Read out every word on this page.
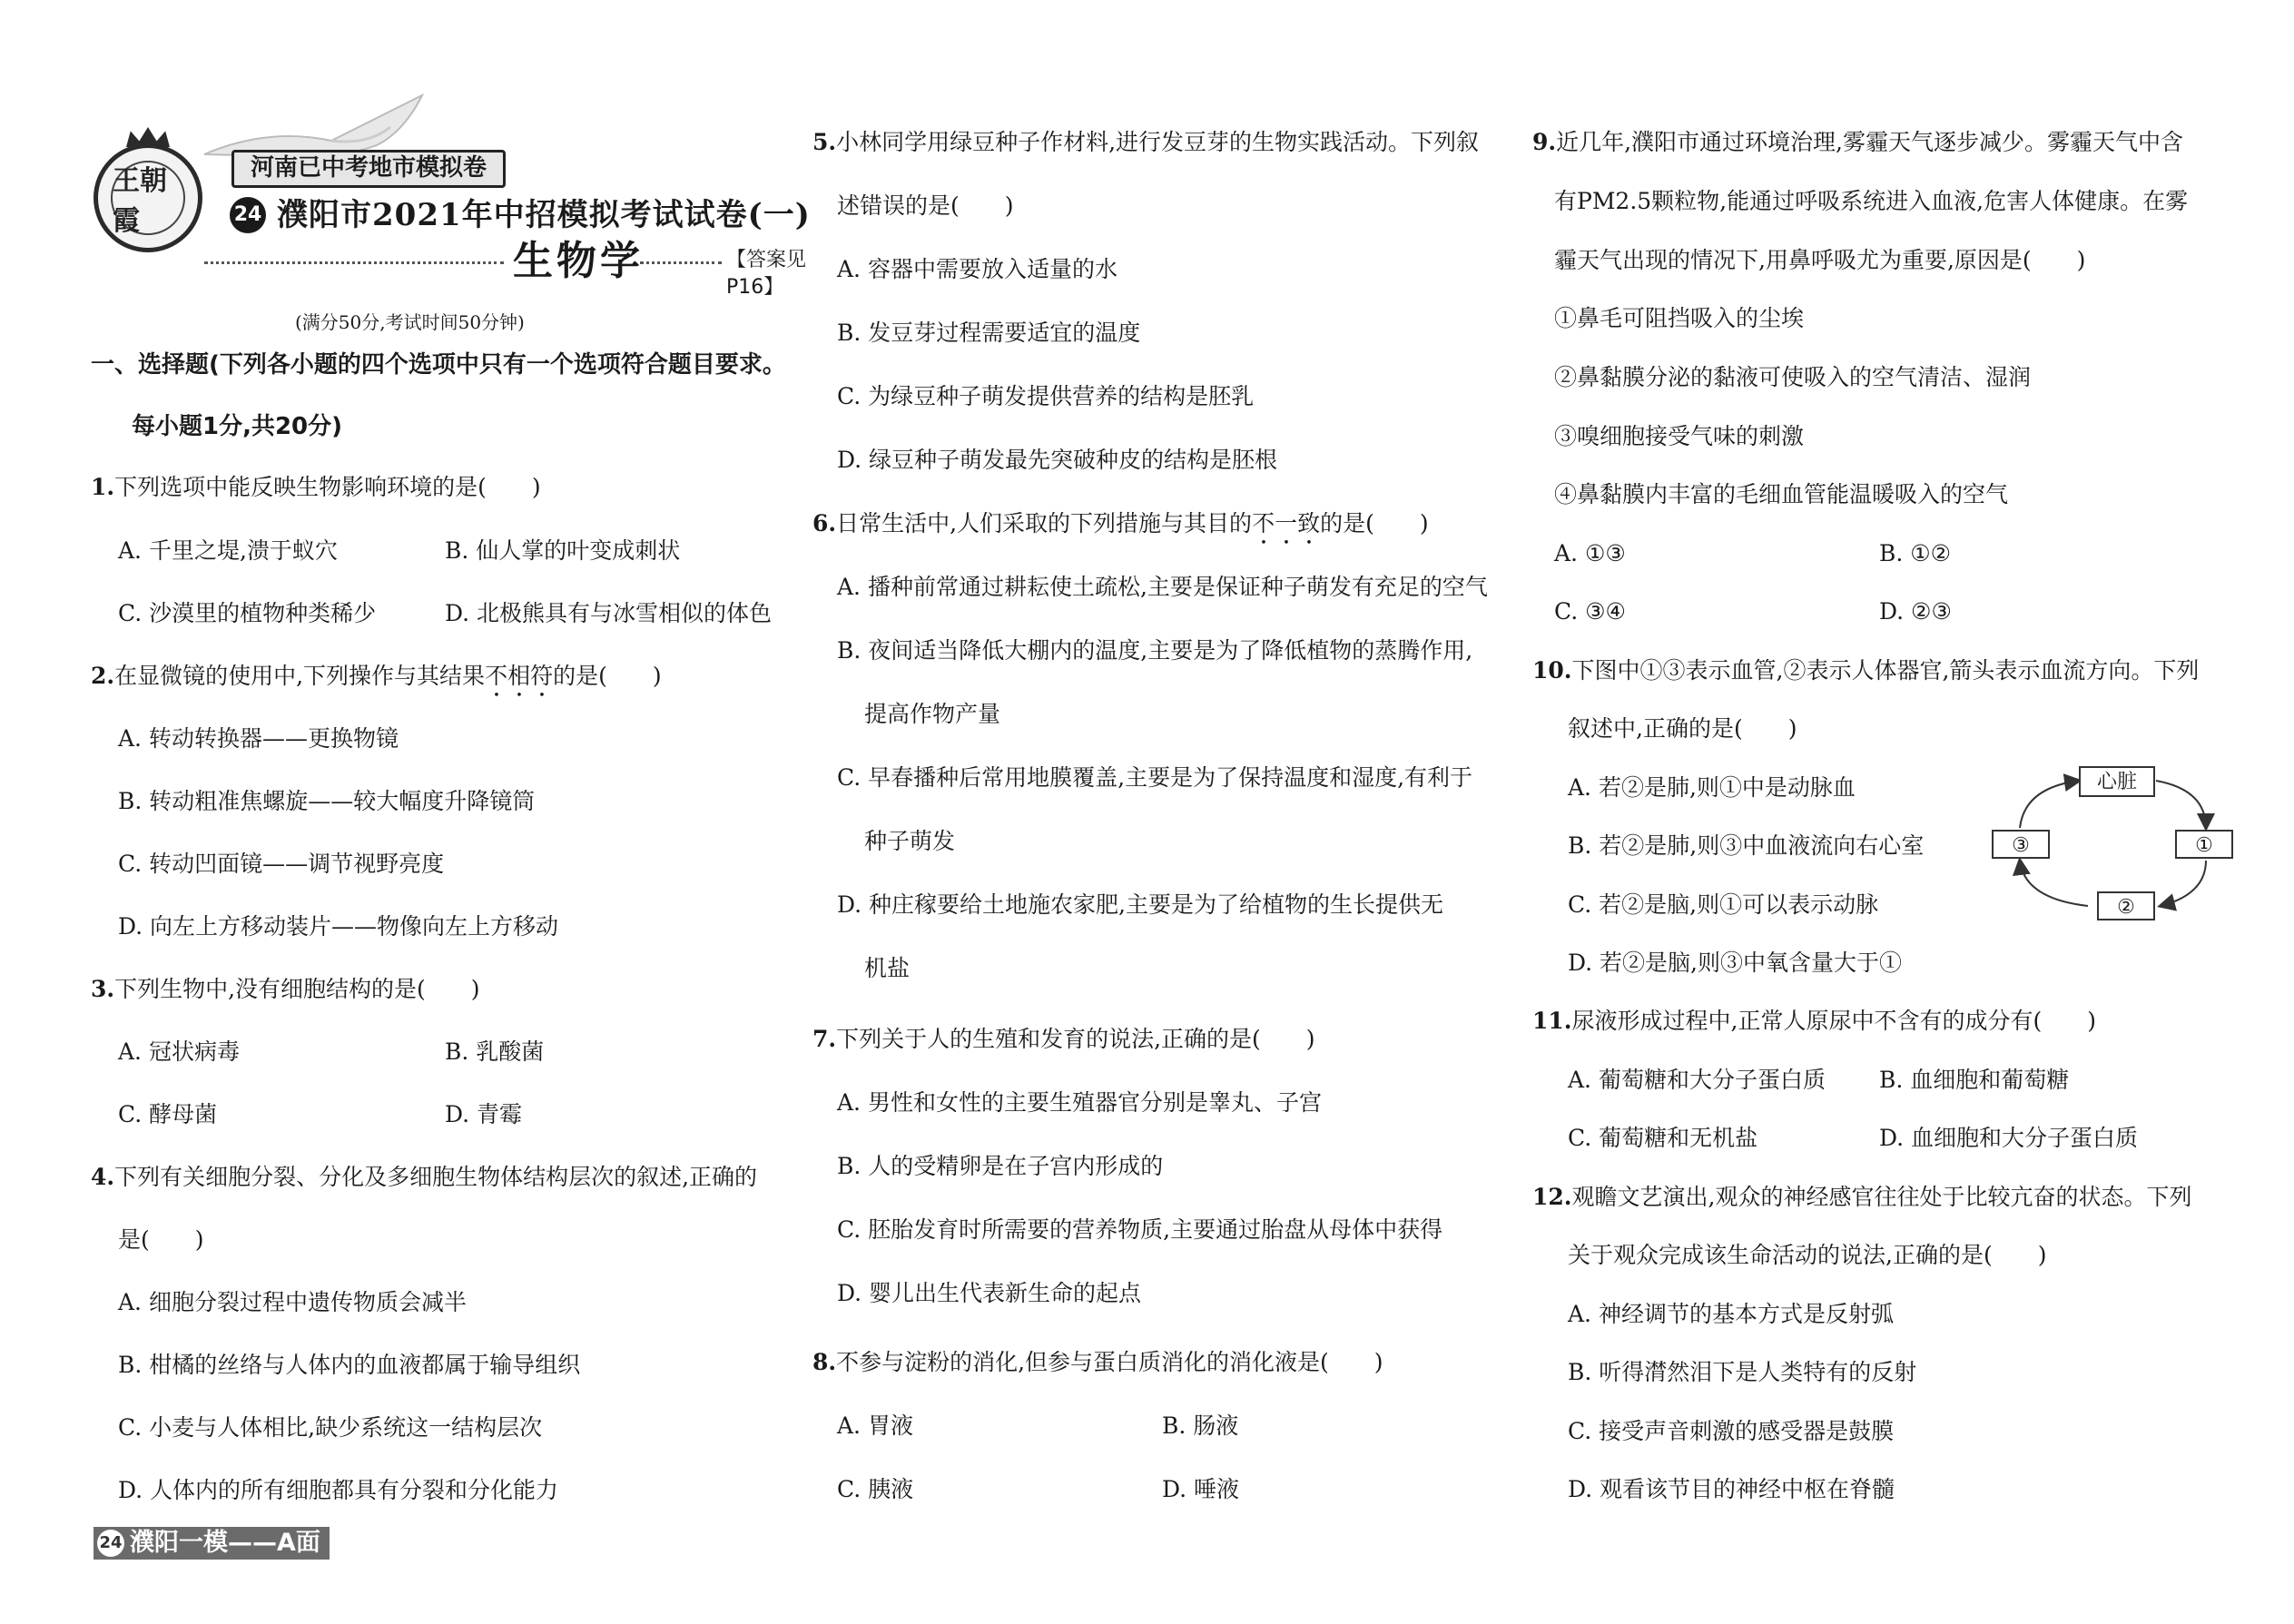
王朝霞
河南已中考地市模拟卷
24 濮阳市2021年中招模拟考试试卷(一)
生物学	【答案见P16】
(满分50分,考试时间50分钟)
一、选择题(下列各小题的四个选项中只有一个选项符合题目要求。
每小题1分,共20分)
1.下列选项中能反映生物影响环境的是(　　)
A. 千里之堤,溃于蚁穴	B. 仙人掌的叶变成刺状
C. 沙漠里的植物种类稀少	D. 北极熊具有与冰雪相似的体色
2.在显微镜的使用中,下列操作与其结果不相符的是(　　)
A. 转动转换器——更换物镜
B. 转动粗准焦螺旋——较大幅度升降镜筒
C. 转动凹面镜——调节视野亮度
D. 向左上方移动装片——物像向左上方移动
3.下列生物中,没有细胞结构的是(　　)
A. 冠状病毒	B. 乳酸菌
C. 酵母菌	D. 青霉
4.下列有关细胞分裂、分化及多细胞生物体结构层次的叙述,正确的
是(　　)
A. 细胞分裂过程中遗传物质会减半
B. 柑橘的丝络与人体内的血液都属于输导组织
C. 小麦与人体相比,缺少系统这一结构层次
D. 人体内的所有细胞都具有分裂和分化能力
5.小林同学用绿豆种子作材料,进行发豆芽的生物实践活动。下列叙
述错误的是(　　)
A. 容器中需要放入适量的水
B. 发豆芽过程需要适宜的温度
C. 为绿豆种子萌发提供营养的结构是胚乳
D. 绿豆种子萌发最先突破种皮的结构是胚根
6.日常生活中,人们采取的下列措施与其目的不一致的是(　　)
A. 播种前常通过耕耘使土疏松,主要是保证种子萌发有充足的空气
B. 夜间适当降低大棚内的温度,主要是为了降低植物的蒸腾作用,
提高作物产量
C. 早春播种后常用地膜覆盖,主要是为了保持温度和湿度,有利于
种子萌发
D. 种庄稼要给土地施农家肥,主要是为了给植物的生长提供无
机盐
7.下列关于人的生殖和发育的说法,正确的是(　　)
A. 男性和女性的主要生殖器官分别是睾丸、子宫
B. 人的受精卵是在子宫内形成的
C. 胚胎发育时所需要的营养物质,主要通过胎盘从母体中获得
D. 婴儿出生代表新生命的起点
8.不参与淀粉的消化,但参与蛋白质消化的消化液是(　　)
A. 胃液	B. 肠液
C. 胰液	D. 唾液
9.近几年,濮阳市通过环境治理,雾霾天气逐步减少。雾霾天气中含
有PM2.5颗粒物,能通过呼吸系统进入血液,危害人体健康。在雾
霾天气出现的情况下,用鼻呼吸尤为重要,原因是(　　)
①鼻毛可阻挡吸入的尘埃
②鼻黏膜分泌的黏液可使吸入的空气清洁、湿润
③嗅细胞接受气味的刺激
④鼻黏膜内丰富的毛细血管能温暖吸入的空气
A. ①③	B. ①②
C. ③④	D. ②③
10.下图中①③表示血管,②表示人体器官,箭头表示血流方向。下列
叙述中,正确的是(　　)
A. 若②是肺,则①中是动脉血
B. 若②是肺,则③中血液流向右心室
C. 若②是脑,则①可以表示动脉
D. 若②是脑,则③中氧含量大于①
心脏
①
②
③
11.尿液形成过程中,正常人原尿中不含有的成分有(　　)
A. 葡萄糖和大分子蛋白质 B. 血细胞和葡萄糖
C. 葡萄糖和无机盐	D. 血细胞和大分子蛋白质
12.观瞻文艺演出,观众的神经感官往往处于比较亢奋的状态。下列
关于观众完成该生命活动的说法,正确的是(　　)
A. 神经调节的基本方式是反射弧
B. 听得潸然泪下是人类特有的反射
C. 接受声音刺激的感受器是鼓膜
D. 观看该节目的神经中枢在脊髓
24 濮阳一模——A面
